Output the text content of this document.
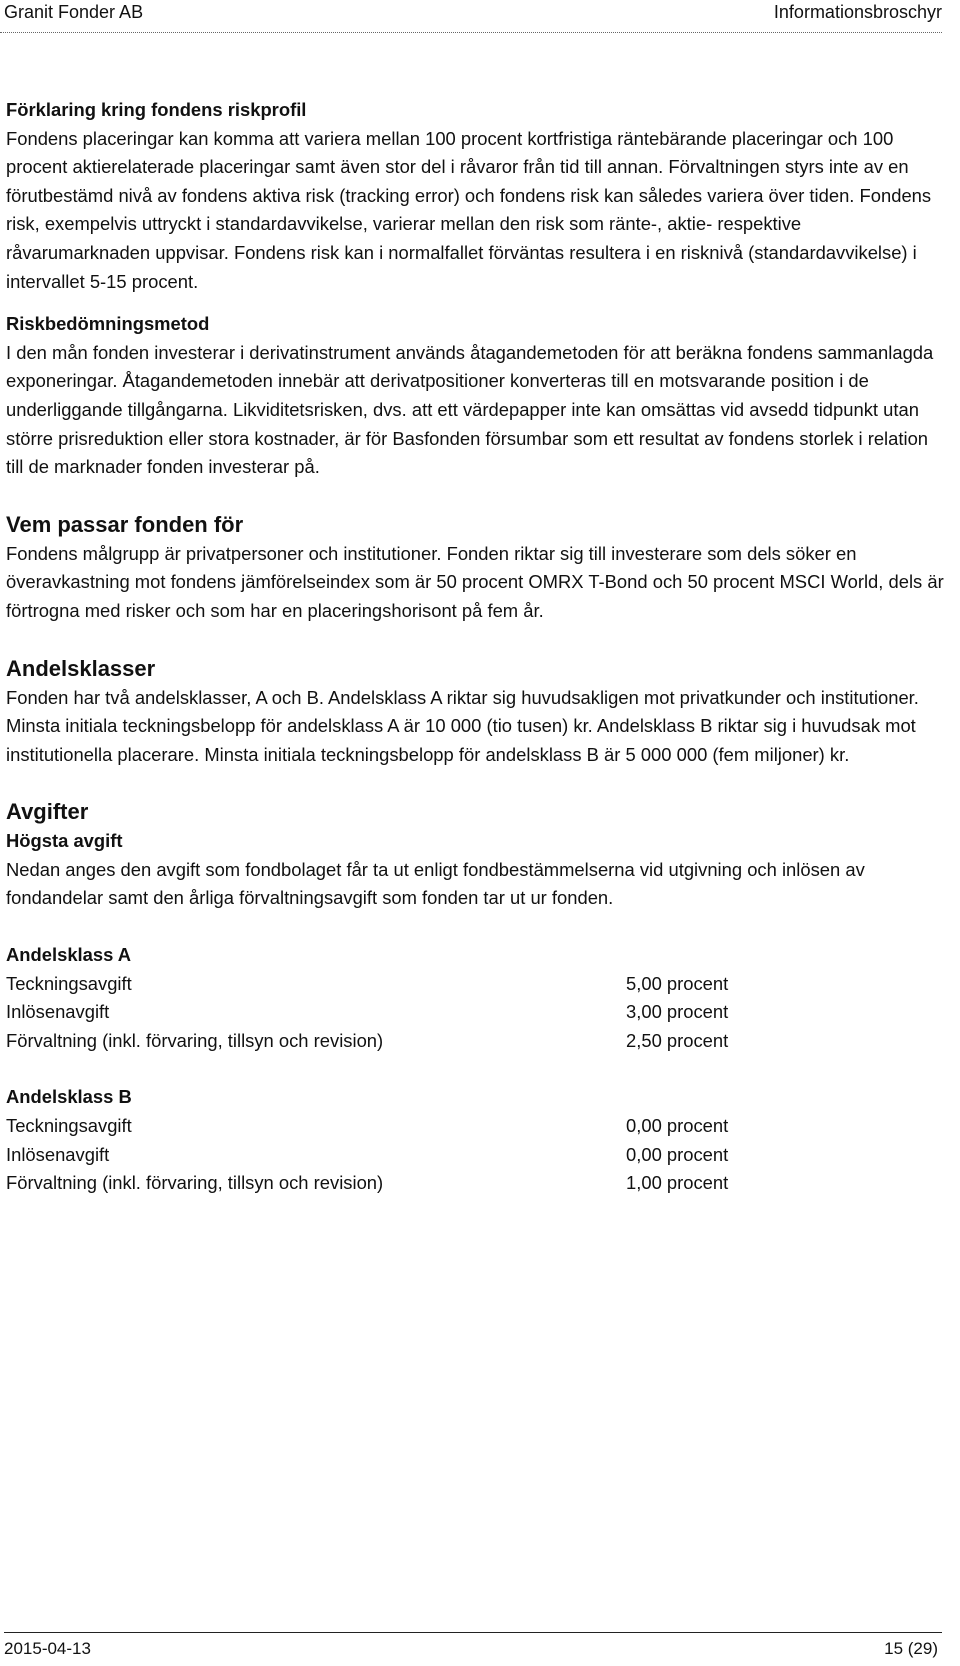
Granit Fonder AB	Informationsbroschyr

Förklaring kring fondens riskprofil

Fondens placeringar kan komma att variera mellan 100 procent kortfristiga räntebärande placeringar och 100 procent aktierelaterade placeringar samt även stor del i råvaror från tid till annan. Förvaltningen styrs inte av en förutbestämd nivå av fondens aktiva risk (tracking error) och fondens risk kan således variera över tiden. Fondens risk, exempelvis uttryckt i standardavvikelse, varierar mellan den risk som ränte-, aktie- respektive råvarumarknaden uppvisar. Fondens risk kan i normalfallet förväntas resultera i en risknivå (standardavvikelse) i intervallet 5-15 procent.

Riskbedömningsmetod

I den mån fonden investerar i derivatinstrument används åtagandemetoden för att beräkna fondens sammanlagda exponeringar. Åtagandemetoden innebär att derivatpositioner konverteras till en motsvarande position i de underliggande tillgångarna. Likviditetsrisken, dvs. att ett värdepapper inte kan omsättas vid avsedd tidpunkt utan större prisreduktion eller stora kostnader, är för Basfonden försumbar som ett resultat av fondens storlek i relation till de marknader fonden investerar på.

Vem passar fonden för

Fondens målgrupp är privatpersoner och institutioner. Fonden riktar sig till investerare som dels söker en överavkastning mot fondens jämförelseindex som är 50 procent OMRX T-Bond och 50 procent MSCI World, dels är förtrogna med risker och som har en placeringshorisont på fem år.

Andelsklasser

Fonden har två andelsklasser, A och B. Andelsklass A riktar sig huvudsakligen mot privatkunder och institutioner. Minsta initiala teckningsbelopp för andelsklass A är 10 000 (tio tusen) kr. Andelsklass B riktar sig i huvudsak mot institutionella placerare. Minsta initiala teckningsbelopp för andelsklass B är 5 000 000 (fem miljoner) kr.

Avgifter

Högsta avgift

Nedan anges den avgift som fondbolaget får ta ut enligt fondbestämmelserna vid utgivning och inlösen av fondandelar samt den årliga förvaltningsavgift som fonden tar ut ur fonden.

Andelsklass A

Teckningsavgift	5,00 procent
Inlösenavgift	3,00 procent
Förvaltning (inkl. förvaring, tillsyn och revision)	2,50 procent

Andelsklass B

Teckningsavgift	0,00 procent
Inlösenavgift	0,00 procent
Förvaltning (inkl. förvaring, tillsyn och revision)	1,00 procent
2015-04-13	15 (29)
